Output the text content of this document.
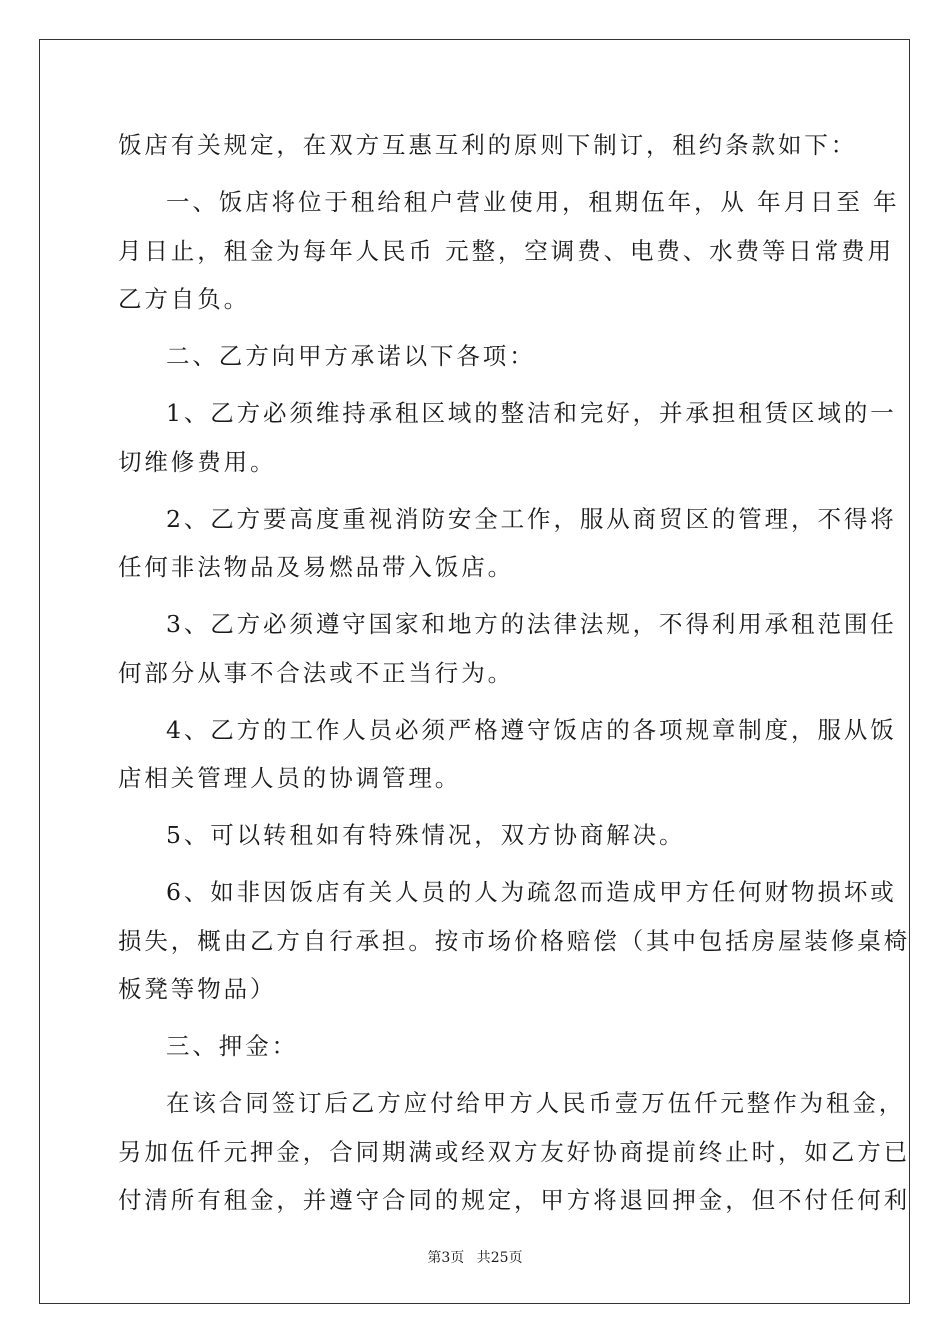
饭店有关规定，在双方互惠互利的原则下制订，租约条款如下：
一、饭店将位于租给租户营业使用，租期伍年，从 年月日至 年
月日止，租金为每年人民币 元整，空调费、电费、水费等日常费用
乙方自负。
二、乙方向甲方承诺以下各项：
1、乙方必须维持承租区域的整洁和完好，并承担租赁区域的一
切维修费用。
2、乙方要高度重视消防安全工作，服从商贸区的管理，不得将
任何非法物品及易燃品带入饭店。
3、乙方必须遵守国家和地方的法律法规，不得利用承租范围任
何部分从事不合法或不正当行为。
4、乙方的工作人员必须严格遵守饭店的各项规章制度，服从饭
店相关管理人员的协调管理。
5、可以转租如有特殊情况，双方协商解决。
6、如非因饭店有关人员的人为疏忽而造成甲方任何财物损坏或
损失，概由乙方自行承担。按市场价格赔偿（其中包括房屋装修桌椅
板凳等物品）
三、押金：
在该合同签订后乙方应付给甲方人民币壹万伍仟元整作为租金，
另加伍仟元押金，合同期满或经双方友好协商提前终止时，如乙方已
付清所有租金，并遵守合同的规定，甲方将退回押金，但不付任何利
第3页 共25页
